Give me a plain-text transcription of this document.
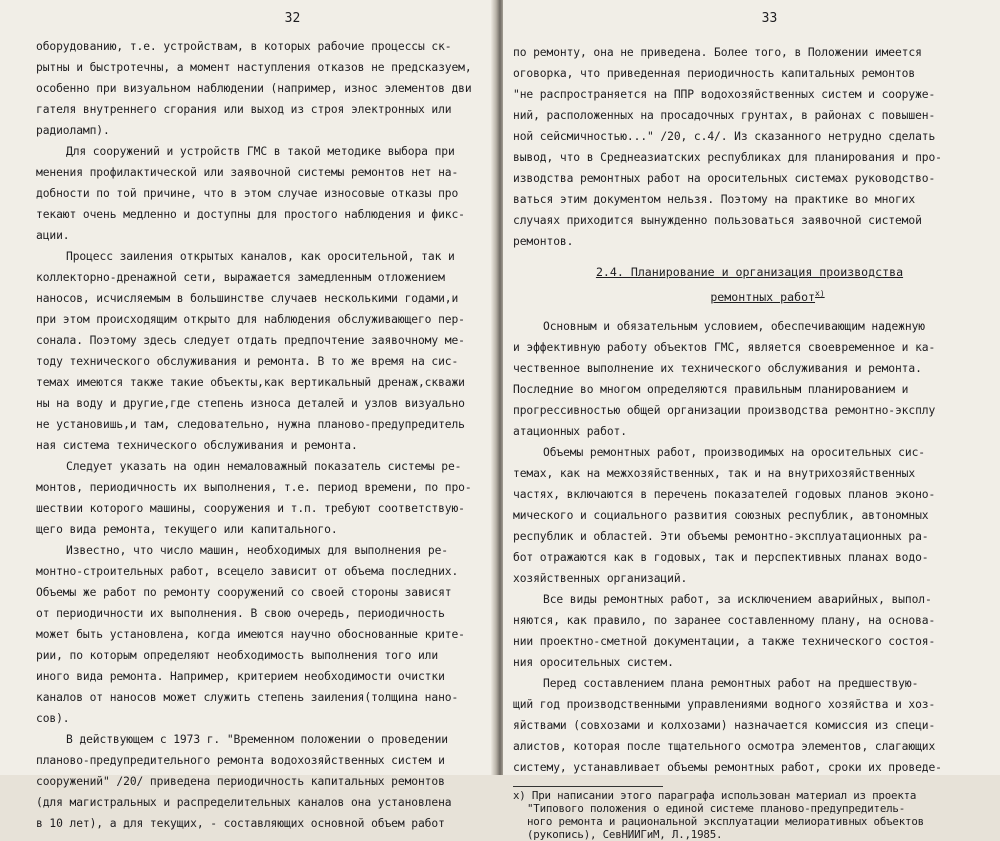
32
оборудованию, т.е. устройствам, в которых рабочие процессы ск-
рытны и быстротечны, а момент наступления отказов не предсказуем,
особенно при визуальном наблюдении (например, износ элементов дви
гателя внутреннего сгорания или выход из строя электронных или
радиоламп).
Для сооружений и устройств ГМС в такой методике выбора при
менения профилактической или заявочной системы ремонтов нет на-
добности по той причине, что в этом случае износовые отказы про
текают очень медленно и доступны для простого наблюдения и фикс-
ации.
Процесс заиления открытых каналов, как оросительной, так и
коллекторно-дренажной сети, выражается замедленным отложением
наносов, исчисляемым в большинстве случаев несколькими годами,и
при этом происходящим открыто для наблюдения обслуживающего пер-
сонала. Поэтому здесь следует отдать предпочтение заявочному ме-
тоду технического обслуживания и ремонта. В то же время на сис-
темах имеются также такие объекты,как вертикальный дренаж,скважи
ны на воду и другие,где степень износа деталей и узлов визуально
не установишь,и там, следовательно, нужна планово-предупредитель
ная система технического обслуживания и ремонта.
Следует указать на один немаловажный показатель системы ре-
монтов, периодичность их выполнения, т.е. период времени, по про-
шествии которого машины, сооружения и т.п. требуют соответствую-
щего вида ремонта, текущего или капитального.
Известно, что число машин, необходимых для выполнения ре-
монтно-строительных работ, всецело зависит от объема последних.
Объемы же работ по ремонту сооружений со своей стороны зависят
от периодичности их выполнения. В свою очередь, периодичность
может быть установлена, когда имеются научно обоснованные крите-
рии, по которым определяют необходимость выполнения того или
иного вида ремонта. Например, критерием необходимости очистки
каналов от наносов может служить степень заиления(толщина нано-
сов).
В действующем с 1973 г. "Временном положении о проведении
планово-предупредительного ремонта водохозяйственных систем и
сооружений" /20/ приведена периодичность капитальных ремонтов
(для магистральных и распределительных каналов она установлена
в 10 лет), а для текущих, - составляющих основной объем работ
33
по ремонту, она не приведена. Более того, в Положении имеется
оговорка, что приведенная периодичность капитальных ремонтов
"не распространяется на ППР водохозяйственных систем и сооруже-
ний, расположенных на просадочных грунтах, в районах с повышен-
ной сейсмичностью..." /20, с.4/. Из сказанного нетрудно сделать
вывод, что в Среднеазиатских республиках для планирования и про-
изводства ремонтных работ на оросительных системах руководство-
ваться этим документом нельзя. Поэтому на практике во многих
случаях приходится вынужденно пользоваться заявочной системой
ремонтов.
2.4. Планирование и организация производства
ремонтных работ$^{х)}$
Основным и обязательным условием, обеспечивающим надежную
и эффективную работу объектов ГМС, является своевременное и ка-
чественное выполнение их технического обслуживания и ремонта.
Последние во многом определяются правильным планированием и
прогрессивностью общей организации производства ремонтно-эксплу
атационных работ.
Объемы ремонтных работ, производимых на оросительных сис-
темах, как на межхозяйственных, так и на внутрихозяйственных
частях, включаются в перечень показателей годовых планов эконо-
мического и социального развития союзных республик, автономных
республик и областей. Эти объемы ремонтно-эксплуатационных ра-
бот отражаются как в годовых, так и перспективных планах водо-
хозяйственных организаций.
Все виды ремонтных работ, за исключением аварийных, выпол-
няются, как правило, по заранее составленному плану, на основа-
нии проектно-сметной документации, а также технического состоя-
ния оросительных систем.
Перед составлением плана ремонтных работ на предшествую-
щий год производственными управлениями водного хозяйства и хоз-
яйствами (совхозами и колхозами) назначается комиссия из специ-
алистов, которая после тщательного осмотра элементов, слагающих
систему, устанавливает объемы ремонтных работ, сроки их проведе-
х) При написании этого параграфа использован материал из проекта
"Типового положения о единой системе планово-предупредитель-
ного ремонта и рациональной эксплуатации мелиоративных объектов
(рукопись), СевНИИГиМ, Л.,1985.
